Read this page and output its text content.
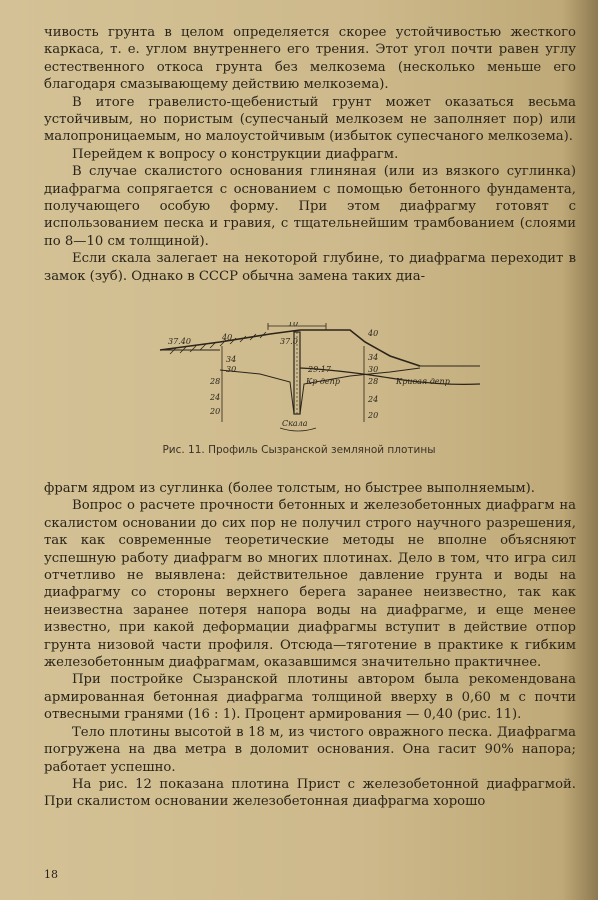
чивость грунта в целом определяется скорее устойчивостью жесткого каркаса, т. е. углом внутреннего его трения. Этот угол почти равен углу естественного откоса грунта без мелкозема (несколько меньше его благодаря смазывающему действию мелкозема).

В итоге гравелисто-щебенистый грунт может оказаться весьма устойчивым, но пористым (супесчаный мелкозем не заполняет пор) или малопроницаемым, но малоустойчивым (избыток супесчаного мелкозема).

Перейдем к вопросу о конструкции диафрагм.

В случае скалистого основания глиняная (или из вязкого суглинка) диафрагма сопрягается с основанием с помощью бетонного фундамента, получающего особую форму. При этом диафрагму готовят с использованием песка и гравия, с тщательнейшим трамбованием (слоями по 8—10 см толщиной).

Если скала залегает на некоторой глубине, то диафрагма переходит в замок (зуб). Однако в СССР обычна замена таких диа-

10
37.40	40	37.0
40
34
30
28
24
20
34
30
28
24
20
29.17
Кр депр	Кривая депр
Скала
Рис. 11. Профиль Сызранской земляной плотины

фрагм ядром из суглинка (более толстым, но быстрее выполняемым).

Вопрос о расчете прочности бетонных и железобетонных диафрагм на скалистом основании до сих пор не получил строго научного разрешения, так как современные теоретические методы не вполне объясняют успешную работу диафрагм во многих плотинах. Дело в том, что игра сил отчетливо не выявлена: действительное давление грунта и воды на диафрагму со стороны верхнего берега заранее неизвестно, так как неизвестна заранее потеря напора воды на диафрагме, и еще менее известно, при какой деформации диафрагмы вступит в действие отпор грунта низовой части профиля. Отсюда—тяготение в практике к гибким железобетонным диафрагмам, оказавшимся значительно практичнее.

При постройке Сызранской плотины автором была рекомендована армированная бетонная диафрагма толщиной вверху в 0,60 м с почти отвесными гранями (16 : 1). Процент армирования — 0,40 (рис. 11).

Тело плотины высотой в 18 м, из чистого овражного песка. Диафрагма погружена на два метра в доломит основания. Она гасит 90% напора; работает успешно.

На рис. 12 показана плотина Прист с железобетонной диафрагмой. При скалистом основании железобетонная диафрагма хорошо

18
